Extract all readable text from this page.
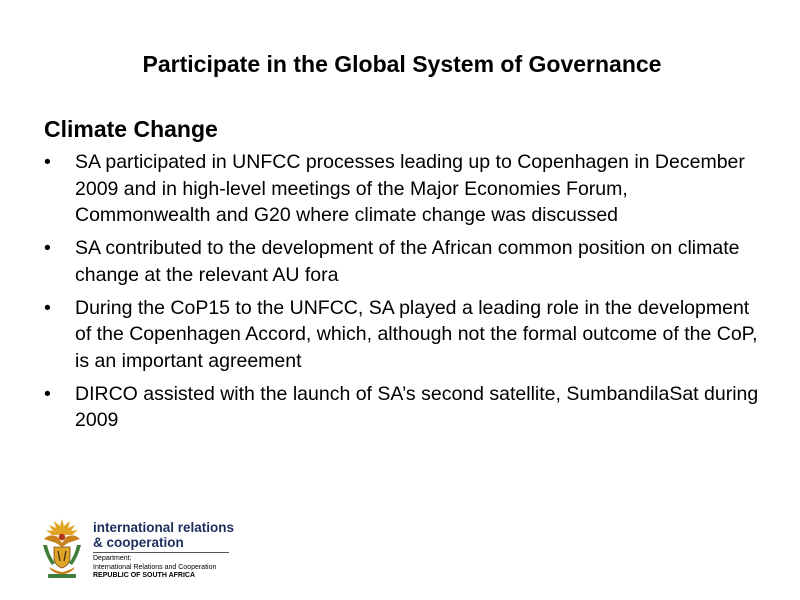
Participate in the Global System of Governance
Climate Change
• SA participated in UNFCC processes leading up to Copenhagen in December 2009 and in high-level meetings of the Major Economies Forum, Commonwealth and G20 where climate change was discussed
• SA contributed to the development of the African common position on climate change at the relevant AU fora
• During the CoP15 to the UNFCC, SA played a leading role in the development of the Copenhagen Accord, which, although not the formal outcome of the CoP, is an important agreement
• DIRCO assisted with the launch of SA’s second satellite, SumbandilaSat during 2009
international relations
& cooperation
Department:
International Relations and Cooperation
REPUBLIC OF SOUTH AFRICA
